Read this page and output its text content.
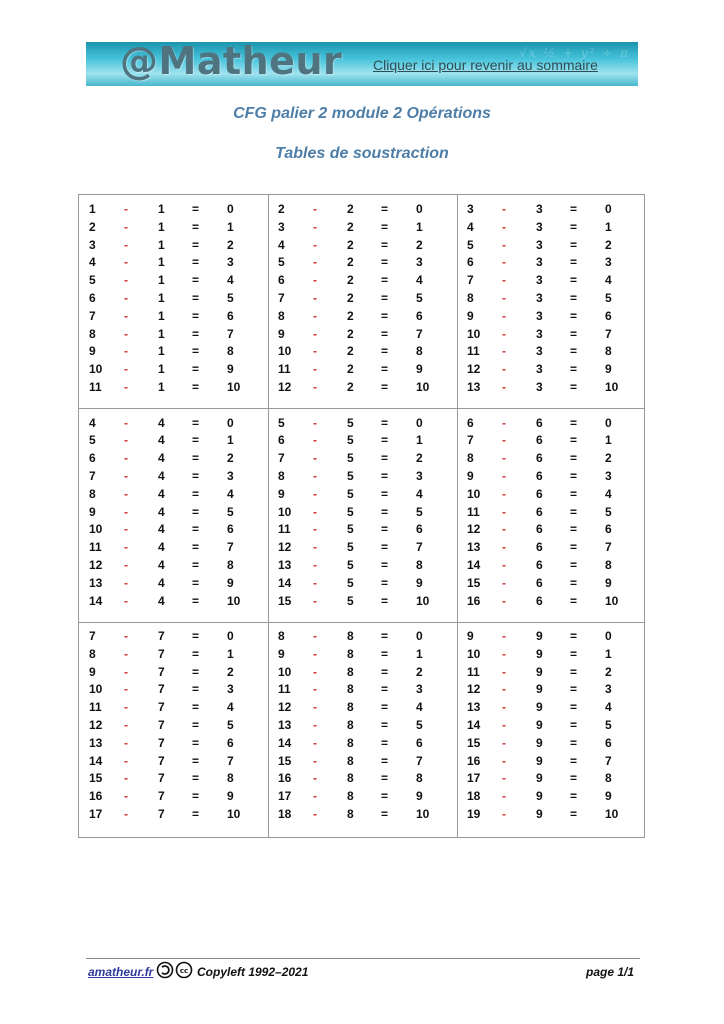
√x ½ + y² ÷ π
@Matheur Cliquer ici pour revenir au sommaire
CFG palier 2 module 2 Opérations
Tables de soustraction
1 -	1 = 0
2 -	1 = 1
3 -	1 = 2
4 -	1 = 3
5 -	1 = 4
6 -	1 = 5
7 -	1 = 6
8 -	1 = 7
9 -	1 = 8
10 -	1 = 9
11 -	1 = 10
2 -	2 = 0
3 -	2 = 1
4 -	2 = 2
5 -	2 = 3
6 -	2 = 4
7 -	2 = 5
8 -	2 = 6
9 -	2 = 7
10 -	2 = 8
11 -	2 = 9
12 -	2 = 10
3 -	3 = 0
4 -	3 = 1
5 -	3 = 2
6 -	3 = 3
7 -	3 = 4
8 -	3 = 5
9 -	3 = 6
10 -	3 = 7
11 -	3 = 8
12 -	3 = 9
13 -	3 = 10
4 -	4 = 0
5 -	4 = 1
6 -	4 = 2
7 -	4 = 3
8 -	4 = 4
9 -	4 = 5
10 -	4 = 6
11 -	4 = 7
12 -	4 = 8
13 -	4 = 9
14 -	4 = 10
5 -	5 = 0
6 -	5 = 1
7 -	5 = 2
8 -	5 = 3
9 -	5 = 4
10 -	5 = 5
11 -	5 = 6
12 -	5 = 7
13 -	5 = 8
14 -	5 = 9
15 -	5 = 10
6 -	6 = 0
7 -	6 = 1
8 -	6 = 2
9 -	6 = 3
10 -	6 = 4
11 -	6 = 5
12 -	6 = 6
13 -	6 = 7
14 -	6 = 8
15 -	6 = 9
16 -	6 = 10
7 -	7 = 0
8 -	7 = 1
9 -	7 = 2
10 -	7 = 3
11 -	7 = 4
12 -	7 = 5
13 -	7 = 6
14 -	7 = 7
15 -	7 = 8
16 -	7 = 9
17 -	7 = 10
8 -	8 = 0
9 -	8 = 1
10 -	8 = 2
11 -	8 = 3
12 -	8 = 4
13 -	8 = 5
14 -	8 = 6
15 -	8 = 7
16 -	8 = 8
17 -	8 = 9
18 -	8 = 10
9 -	9 = 0
10 -	9 = 1
11 -	9 = 2
12 -	9 = 3
13 -	9 = 4
14 -	9 = 5
15 -	9 = 6
16 -	9 = 7
17 -	9 = 8
18 -	9 = 9
19 -	9 = 10
amatheur.fr	cc Copyleft 1992–2021	page 1/1
